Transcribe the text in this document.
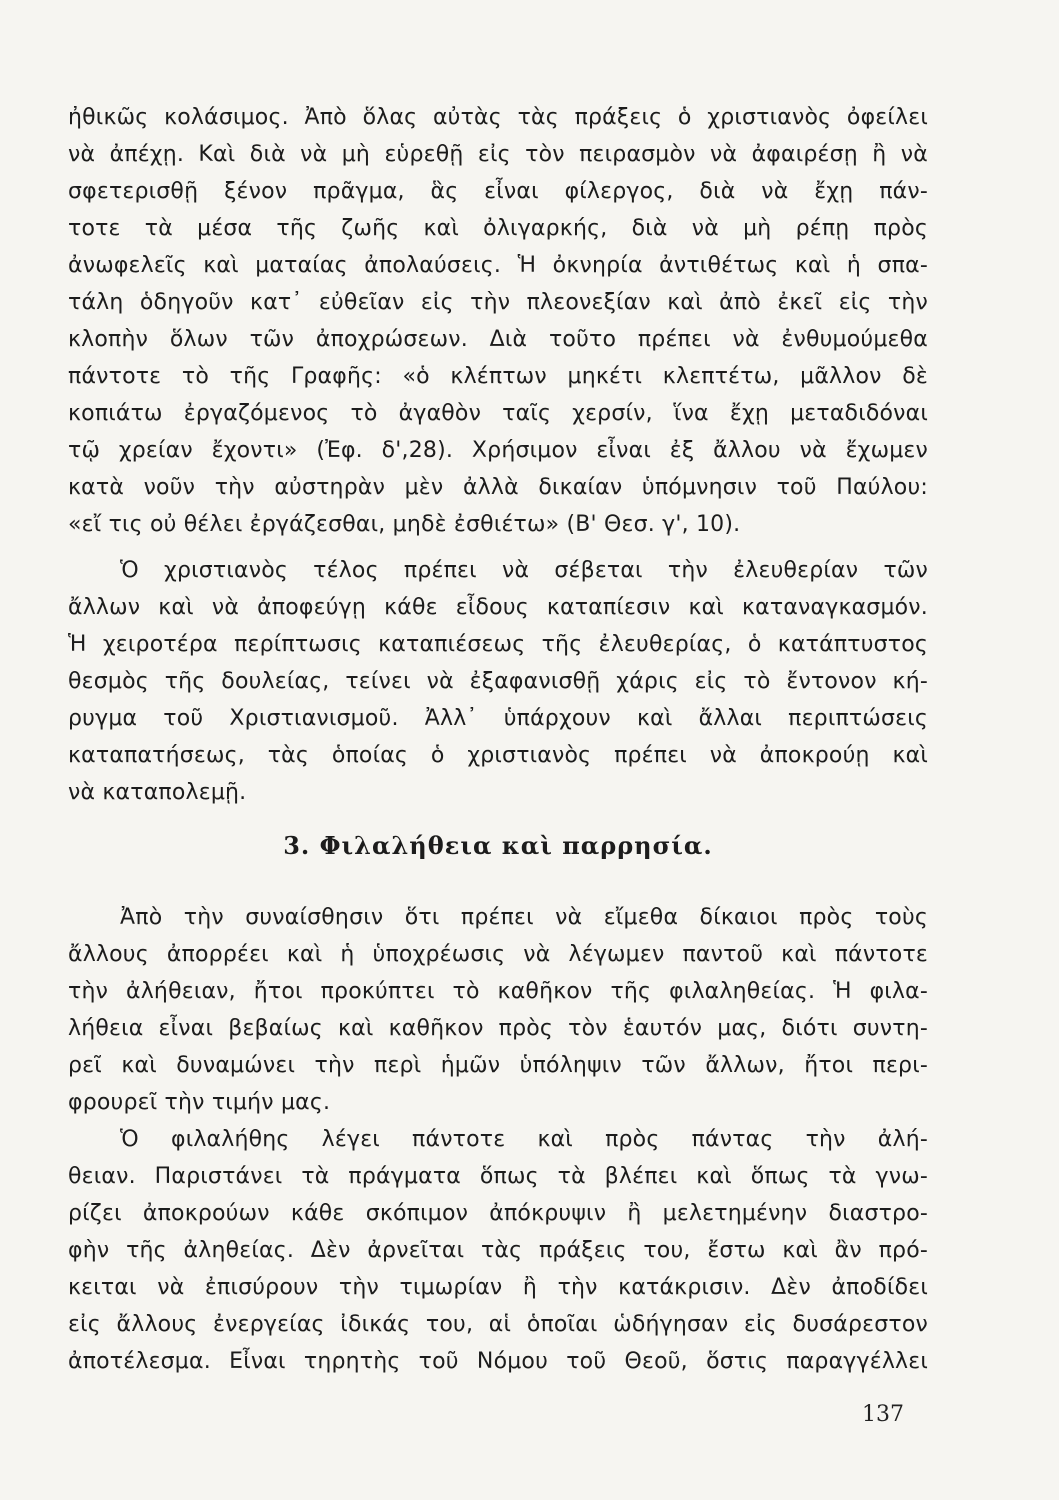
ἠθικῶς κολάσιμος. Ἀπὸ ὅλας αὐτὰς τὰς πράξεις ὁ χριστιανὸς ὀφείλει
νὰ ἀπέχῃ. Καὶ διὰ νὰ μὴ εὑρεθῇ εἰς τὸν πειρασμὸν νὰ ἀφαιρέσῃ ἢ νὰ
σφετερισθῇ ξένον πρᾶγμα, ἃς εἶναι φίλεργος, διὰ νὰ ἔχῃ πάν-
τοτε τὰ μέσα τῆς ζωῆς καὶ ὀλιγαρκής, διὰ νὰ μὴ ρέπῃ πρὸς
ἀνωφελεῖς καὶ ματαίας ἀπολαύσεις. Ἡ ὀκνηρία ἀντιθέτως καὶ ἡ σπα-
τάλη ὁδηγοῦν κατ᾽ εὐθεῖαν εἰς τὴν πλεονεξίαν καὶ ἀπὸ ἐκεῖ εἰς τὴν
κλοπὴν ὅλων τῶν ἀποχρώσεων. Διὰ τοῦτο πρέπει νὰ ἐνθυμούμεθα
πάντοτε τὸ τῆς Γραφῆς: «ὁ κλέπτων μηκέτι κλεπτέτω, μᾶλλον δὲ
κοπιάτω ἐργαζόμενος τὸ ἀγαθὸν ταῖς χερσίν, ἵνα ἔχῃ μεταδιδόναι
τῷ χρείαν ἔχοντι» (Ἐφ. δ',28). Χρήσιμον εἶναι ἐξ ἄλλου νὰ ἔχωμεν
κατὰ νοῦν τὴν αὐστηρὰν μὲν ἀλλὰ δικαίαν ὑπόμνησιν τοῦ Παύλου:
«εἴ τις οὐ θέλει ἐργάζεσθαι, μηδὲ ἐσθιέτω» (Β' Θεσ. γ', 10).
Ὁ χριστιανὸς τέλος πρέπει νὰ σέβεται τὴν ἐλευθερίαν τῶν
ἄλλων καὶ νὰ ἀποφεύγῃ κάθε εἶδους καταπίεσιν καὶ καταναγκασμόν.
Ἡ χειροτέρα περίπτωσις καταπιέσεως τῆς ἐλευθερίας, ὁ κατάπτυστος
θεσμὸς τῆς δουλείας, τείνει νὰ ἐξαφανισθῇ χάρις εἰς τὸ ἔντονον κή-
ρυγμα τοῦ Χριστιανισμοῦ. Ἀλλ᾽ ὑπάρχουν καὶ ἄλλαι περιπτώσεις
καταπατήσεως, τὰς ὁποίας ὁ χριστιανὸς πρέπει νὰ ἀποκρούῃ καὶ
νὰ καταπολεμῇ.
3. Φιλαλήθεια καὶ παρρησία.
Ἀπὸ τὴν συναίσθησιν ὅτι πρέπει νὰ εἴμεθα δίκαιοι πρὸς τοὺς
ἄλλους ἀπορρέει καὶ ἡ ὑποχρέωσις νὰ λέγωμεν παντοῦ καὶ πάντοτε
τὴν ἀλήθειαν, ἤτοι προκύπτει τὸ καθῆκον τῆς φιλαληθείας. Ἡ φιλα-
λήθεια εἶναι βεβαίως καὶ καθῆκον πρὸς τὸν ἑαυτόν μας, διότι συντη-
ρεῖ καὶ δυναμώνει τὴν περὶ ἡμῶν ὑπόληψιν τῶν ἄλλων, ἤτοι περι-
φρουρεῖ τὴν τιμήν μας.
Ὁ φιλαλήθης λέγει πάντοτε καὶ πρὸς πάντας τὴν ἀλή-
θειαν. Παριστάνει τὰ πράγματα ὅπως τὰ βλέπει καὶ ὅπως τὰ γνω-
ρίζει ἀποκρούων κάθε σκόπιμον ἀπόκρυψιν ἢ μελετημένην διαστρο-
φὴν τῆς ἀληθείας. Δὲν ἀρνεῖται τὰς πράξεις του, ἔστω καὶ ἂν πρό-
κειται νὰ ἐπισύρουν τὴν τιμωρίαν ἢ τὴν κατάκρισιν. Δὲν ἀποδίδει
εἰς ἄλλους ἐνεργείας ἰδικάς του, αἱ ὁποῖαι ὡδήγησαν εἰς δυσάρεστον
ἀποτέλεσμα. Εἶναι τηρητὴς τοῦ Νόμου τοῦ Θεοῦ, ὅστις παραγγέλλει
137
